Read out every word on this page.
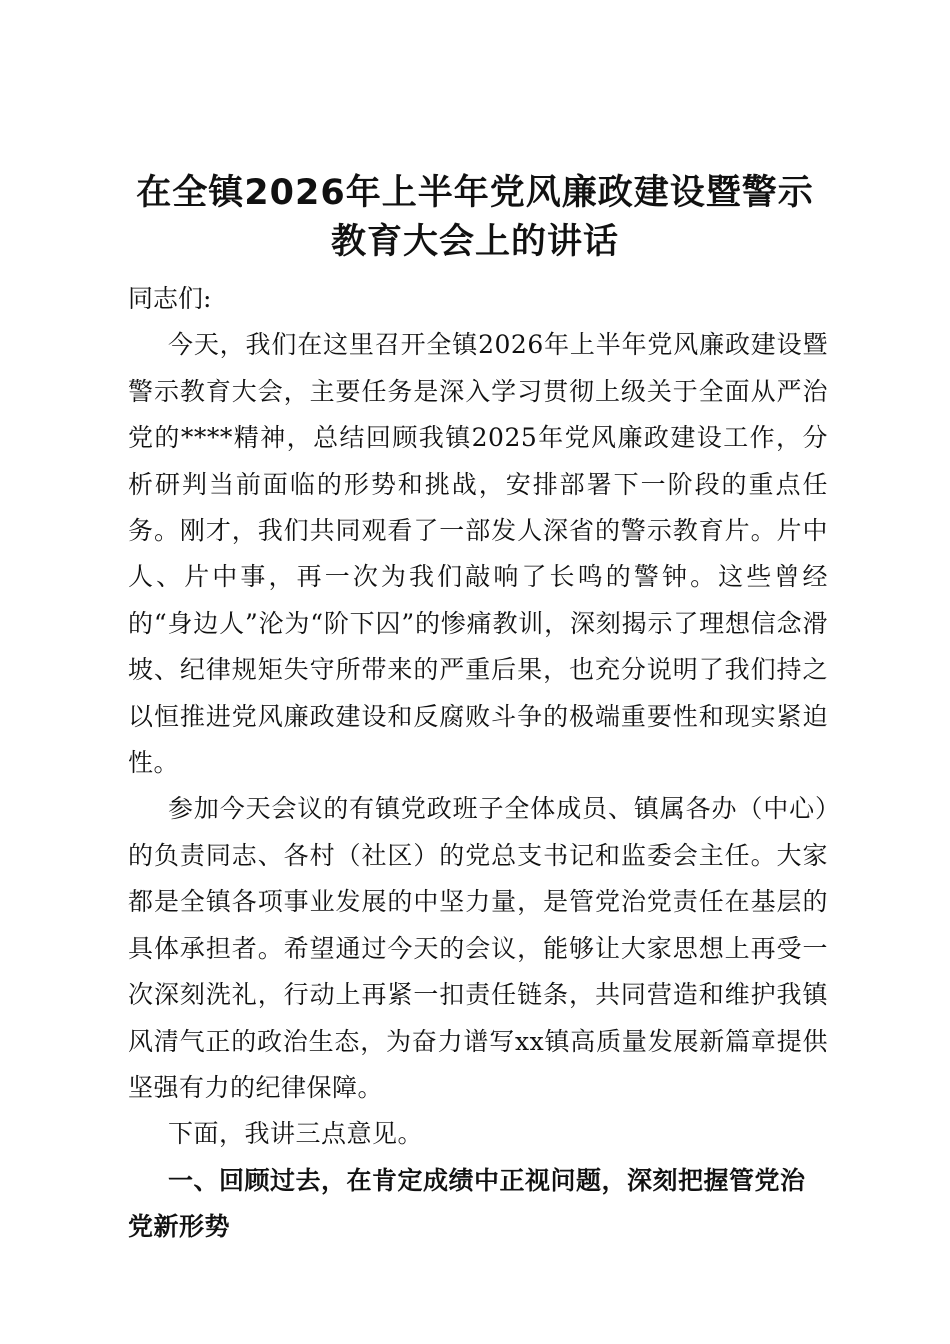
在全镇2026年上半年党风廉政建设暨警示
教育大会上的讲话

同志们:

今天，我们在这里召开全镇2026年上半年党风廉政建设暨警示教育大会，主要任务是深入学习贯彻上级关于全面从严治党的****精神，总结回顾我镇2025年党风廉政建设工作，分析研判当前面临的形势和挑战，安排部署下一阶段的重点任务。刚才，我们共同观看了一部发人深省的警示教育片。片中人、片中事，再一次为我们敲响了长鸣的警钟。这些曾经的“身边人”沦为“阶下囚”的惨痛教训，深刻揭示了理想信念滑坡、纪律规矩失守所带来的严重后果，也充分说明了我们持之以恒推进党风廉政建设和反腐败斗争的极端重要性和现实紧迫性。

参加今天会议的有镇党政班子全体成员、镇属各办（中心）的负责同志、各村（社区）的党总支书记和监委会主任。大家都是全镇各项事业发展的中坚力量，是管党治党责任在基层的具体承担者。希望通过今天的会议，能够让大家思想上再受一次深刻洗礼，行动上再紧一扣责任链条，共同营造和维护我镇风清气正的政治生态，为奋力谱写xx镇高质量发展新篇章提供坚强有力的纪律保障。

下面，我讲三点意见。

一、回顾过去，在肯定成绩中正视问题，深刻把握管党治党新形势
